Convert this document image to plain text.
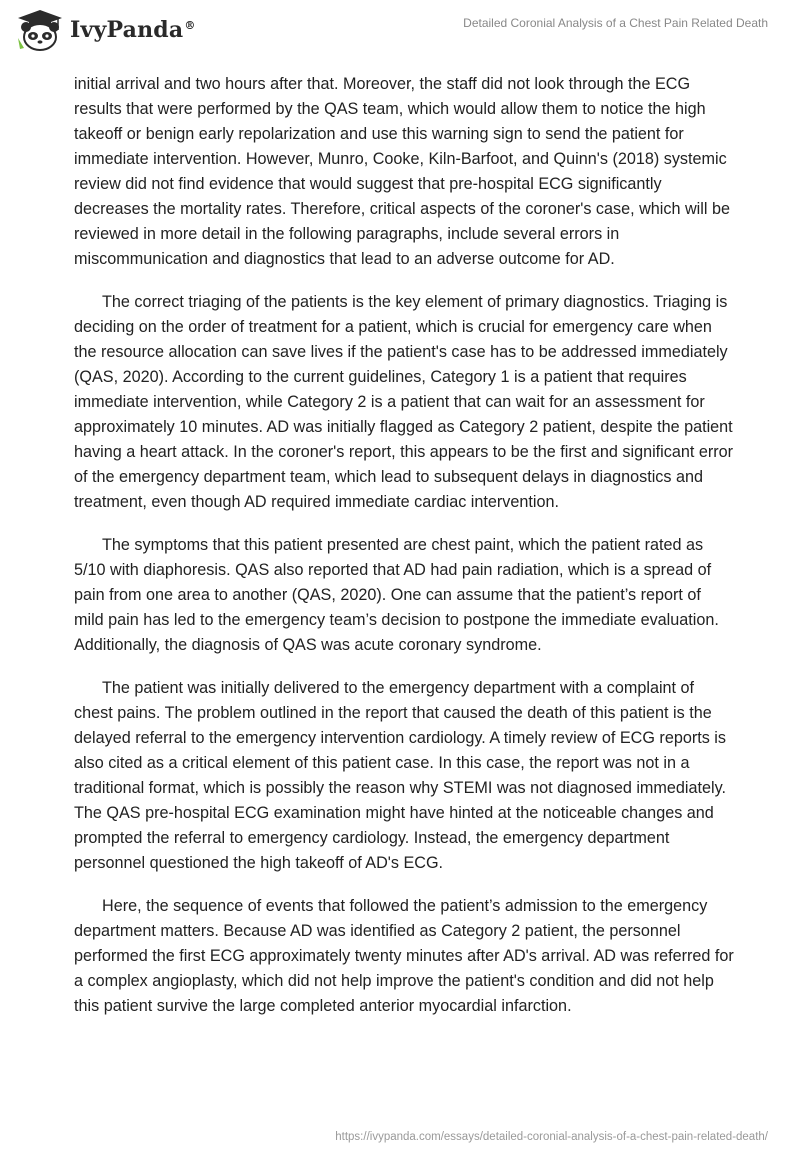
IvyPanda®	Detailed Coronial Analysis of a Chest Pain Related Death

initial arrival and two hours after that. Moreover, the staff did not look through the ECG results that were performed by the QAS team, which would allow them to notice the high takeoff or benign early repolarization and use this warning sign to send the patient for immediate intervention. However, Munro, Cooke, Kiln-Barfoot, and Quinn's (2018) systemic review did not find evidence that would suggest that pre-hospital ECG significantly decreases the mortality rates. Therefore, critical aspects of the coroner's case, which will be reviewed in more detail in the following paragraphs, include several errors in miscommunication and diagnostics that lead to an adverse outcome for AD.

The correct triaging of the patients is the key element of primary diagnostics. Triaging is deciding on the order of treatment for a patient, which is crucial for emergency care when the resource allocation can save lives if the patient's case has to be addressed immediately (QAS, 2020). According to the current guidelines, Category 1 is a patient that requires immediate intervention, while Category 2 is a patient that can wait for an assessment for approximately 10 minutes. AD was initially flagged as Category 2 patient, despite the patient having a heart attack. In the coroner's report, this appears to be the first and significant error of the emergency department team, which lead to subsequent delays in diagnostics and treatment, even though AD required immediate cardiac intervention.

The symptoms that this patient presented are chest paint, which the patient rated as 5/10 with diaphoresis. QAS also reported that AD had pain radiation, which is a spread of pain from one area to another (QAS, 2020). One can assume that the patient’s report of mild pain has led to the emergency team’s decision to postpone the immediate evaluation. Additionally, the diagnosis of QAS was acute coronary syndrome.

The patient was initially delivered to the emergency department with a complaint of chest pains. The problem outlined in the report that caused the death of this patient is the delayed referral to the emergency intervention cardiology. A timely review of ECG reports is also cited as a critical element of this patient case. In this case, the report was not in a traditional format, which is possibly the reason why STEMI was not diagnosed immediately. The QAS pre-hospital ECG examination might have hinted at the noticeable changes and prompted the referral to emergency cardiology. Instead, the emergency department personnel questioned the high takeoff of AD's ECG.

Here, the sequence of events that followed the patient’s admission to the emergency department matters. Because AD was identified as Category 2 patient, the personnel performed the first ECG approximately twenty minutes after AD's arrival. AD was referred for a complex angioplasty, which did not help improve the patient's condition and did not help this patient survive the large completed anterior myocardial infarction.

https://ivypanda.com/essays/detailed-coronial-analysis-of-a-chest-pain-related-death/
